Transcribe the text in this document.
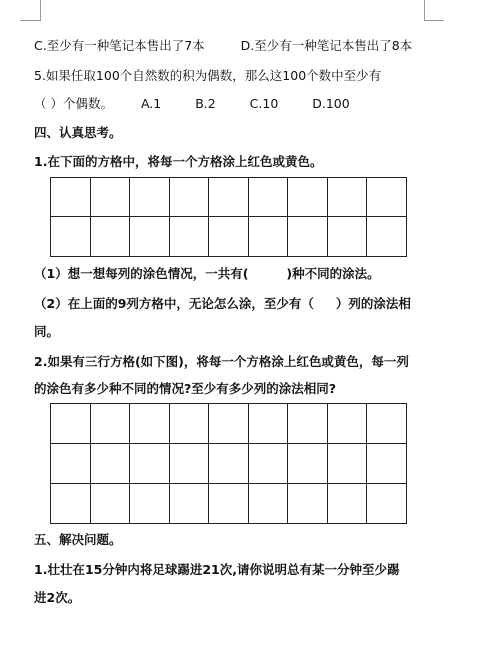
C.至少有一种笔记本售出了7本	D.至少有一种笔记本售出了8本
5.如果任取100个自然数的积为偶数，那么这100个数中至少有
（ ）个偶数。 A.1	B.2	C.10	D.100
四、认真思考。
1.在下面的方格中，将每一个方格涂上红色或黄色。

（1）想一想每列的涂色情况，一共有(	)种不同的涂法。
（2）在上面的9列方格中，无论怎么涂，至少有（ ）列的涂法相
同。
2.如果有三行方格(如下图)，将每一个方格涂上红色或黄色，每一列
的涂色有多少种不同的情况?至少有多少列的涂法相同?

五、解决问题。
1.壮壮在15分钟内将足球踢进21次,请你说明总有某一分钟至少踢
进2次。
